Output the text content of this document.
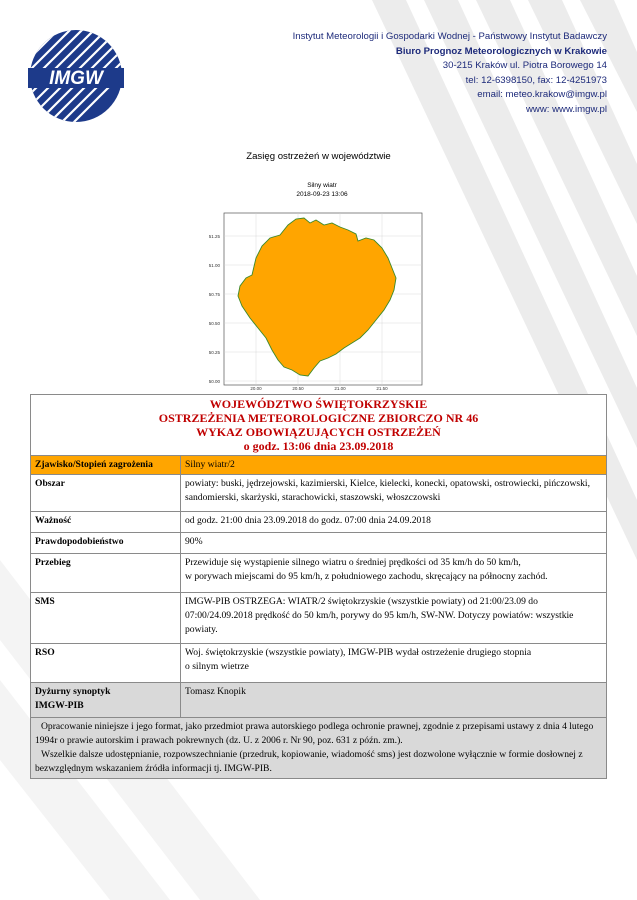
IMGW
Instytut Meteorologii i Gospodarki Wodnej - Państwowy Instytut Badawczy
Biuro Prognoz Meteorologicznych w Krakowie
30-215 Kraków ul. Piotra Borowego 14
tel: 12-6398150, fax: 12-4251973
email: meteo.krakow@imgw.pl
www: www.imgw.pl
Zasięg ostrzeżeń w województwie
Silny wiatr
2018-09-23 13:06
51.25
51.00
50.75
50.50
50.25
50.00
20.00	20.50	21.00	21.50
WOJEWÓDZTWO ŚWIĘTOKRZYSKIE
OSTRZEŻENIA METEOROLOGICZNE ZBIORCZO NR 46
WYKAZ OBOWIĄZUJĄCYCH OSTRZEŻEŃ
o godz. 13:06 dnia 23.09.2018	

Zjawisko/Stopień zagrożenia	Silny wiatr/2
Obszar	powiaty: buski, jędrzejowski, kazimierski, Kielce, kielecki, konecki, opatowski, ostrowiecki, pińczowski, sandomierski, skarżyski, starachowicki, staszowski, włoszczowski
Ważność	od godz. 21:00 dnia 23.09.2018 do godz. 07:00 dnia 24.09.2018
Prawdopodobieństwo	90%
Przebieg	Przewiduje się wystąpienie silnego wiatru o średniej prędkości od 35 km/h do 50 km/h,
w porywach miejscami do 95 km/h, z południowego zachodu, skręcający na północny zachód.

SMS	IMGW-PIB OSTRZEGA: WIATR/2 świętokrzyskie (wszystkie powiaty) od 21:00/23.09 do 07:00/24.09.2018 prędkość do 50 km/h, porywy do 95 km/h, SW-NW. Dotyczy powiatów: wszystkie powiaty.
RSO	Woj. świętokrzyskie (wszystkie powiaty), IMGW-PIB wydał ostrzeżenie drugiego stopnia
o silnym wietrze

Dyżurny synoptyk
IMGW-PIB	Tomasz Knopik

Opracowanie niniejsze i jego format, jako przedmiot prawa autorskiego podlega ochronie prawnej, zgodnie z przepisami ustawy z dnia 4 lutego 1994r o prawie autorskim i prawach pokrewnych (dz. U. z 2006 r. Nr 90, poz. 631 z późn. zm.).

Wszelkie dalsze udostępnianie, rozpowszechnianie (przedruk, kopiowanie, wiadomość sms) jest dozwolone wyłącznie w formie dosłownej z bezwzględnym wskazaniem źródła informacji tj. IMGW-PIB.	
